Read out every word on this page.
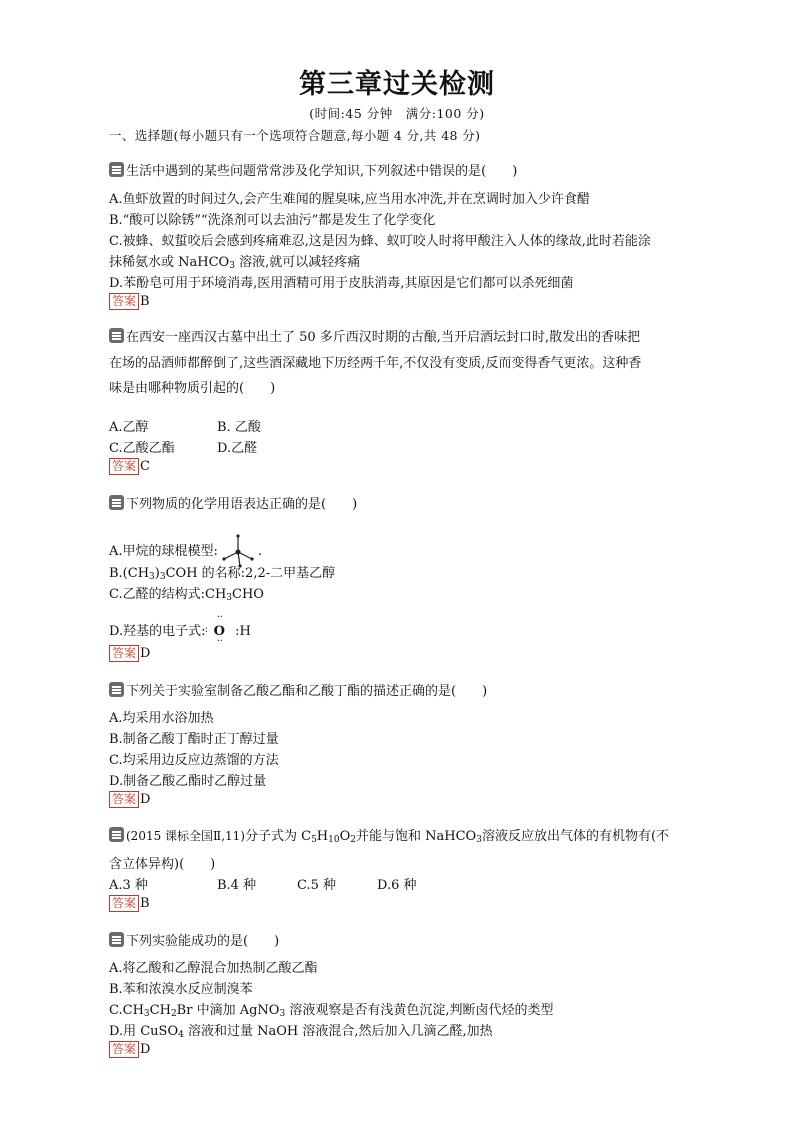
第三章过关检测
(时间:45 分钟　满分:100 分)
一、选择题(每小题只有一个选项符合题意,每小题 4 分,共 48 分)
生活中遇到的某些问题常常涉及化学知识,下列叙述中错误的是(　　)
A.鱼虾放置的时间过久,会产生难闻的腥臭味,应当用水冲洗,并在烹调时加入少许食醋
B.“酸可以除锈”“洗涤剂可以去油污”都是发生了化学变化
C.被蜂、蚁蜇咬后会感到疼痛难忍,这是因为蜂、蚁叮咬人时将甲酸注入人体的缘故,此时若能涂
抹稀氨水或 NaHCO$_3$ 溶液,就可以减轻疼痛
D.苯酚皂可用于环境消毒,医用酒精可用于皮肤消毒,其原因是它们都可以杀死细菌
答案 B
在西安一座西汉古墓中出土了 50 多斤西汉时期的古酿,当开启酒坛封口时,散发出的香味把
在场的品酒师都醉倒了,这些酒深藏地下历经两千年,不仅没有变质,反而变得香气更浓。这种香
味是由哪种物质引起的(　　)
A.乙醇	B. 乙酸
C.乙酸乙酯	D.乙醛
答案 C
下列物质的化学用语表达正确的是(　　)
A.甲烷的球棍模型:	.
$B.(CH_3)_3COH$ 的名称:2,2-二甲基乙醇
C.乙醛的结构式$:CH_3CHO$
D.羟基的电子式:
··
:
··
O :H
答案 D
下列关于实验室制备乙酸乙酯和乙酸丁酯的描述正确的是(　　)
A.均采用水浴加热
B.制备乙酸丁酯时正丁醇过量
C.均采用边反应边蒸馏的方法
D.制备乙酸乙酯时乙醇过量
答案 D
(2015 课标全国Ⅱ,11)分子式为 $C_5H_{10}O_2$并能与饱和 NaHCO$_3$溶液反应放出气体的有机物有(不
含立体异构)(　　)
A.3 种	B.4 种	C.5 种	D.6 种
答案 B
下列实验能成功的是(　　)
A.将乙酸和乙醇混合加热制乙酸乙酯
B.苯和浓溴水反应制溴苯
$C.CH_3CH_2Br$ 中滴加 AgNO$_3$ 溶液观察是否有浅黄色沉淀,判断卤代烃的类型
D.用 CuSO$_4$ 溶液和过量 NaOH 溶液混合,然后加入几滴乙醛,加热
答案 D
